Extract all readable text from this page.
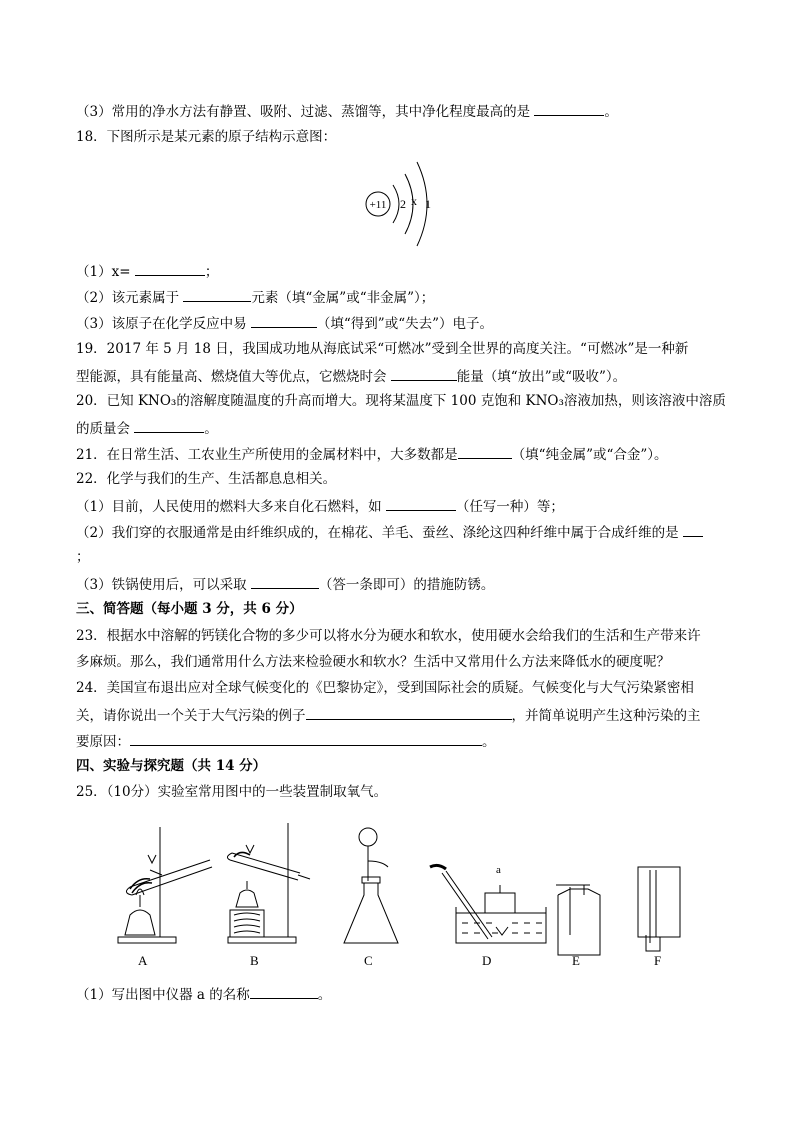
（3）常用的净水方法有静置、吸附、过滤、蒸馏等，其中净化程度最高的是	。
18．下图所示是某元素的原子结构示意图：
+11 2 x 1
（1）x=	；
（2）该元素属于	元素（填“金属”或“非金属”）；
（3）该原子在化学反应中易	（填“得到”或“失去”）电子。
19．2017 年 5 月 18 日，我国成功地从海底试采“可燃冰”受到全世界的高度关注。“可燃冰”是一种新
型能源，具有能量高、燃烧值大等优点，它燃烧时会	能量（填“放出”或“吸收”）。
20．已知 KNO₃的溶解度随温度的升高而增大。现将某温度下 100 克饱和 KNO₃溶液加热，则该溶液中溶质
的质量会	。
21．在日常生活、工农业生产所使用的金属材料中，大多数都是	（填“纯金属”或“合金”）。
22．化学与我们的生产、生活都息息相关。
（1）目前，人民使用的燃料大多来自化石燃料，如	（任写一种）等；
（2）我们穿的衣服通常是由纤维织成的，在棉花、羊毛、蚕丝、涤纶这四种纤维中属于合成纤维的是
；
（3）铁锅使用后，可以采取	（答一条即可）的措施防锈。
三、简答题（每小题 3 分，共 6 分）
23．根据水中溶解的钙镁化合物的多少可以将水分为硬水和软水，使用硬水会给我们的生活和生产带来许
多麻烦。那么，我们通常用什么方法来检验硬水和软水？生活中又常用什么方法来降低水的硬度呢？
24．美国宣布退出应对全球气候变化的《巴黎协定》，受到国际社会的质疑。气候变化与大气污染紧密相
关，请你说出一个关于大气污染的例子	，并简单说明产生这种污染的主
要原因：	。
四、实验与探究题（共 14 分）
25．（10分）实验室常用图中的一些装置制取氧气。
a
A	B	C	D	E	F
（1）写出图中仪器 a 的名称	。
